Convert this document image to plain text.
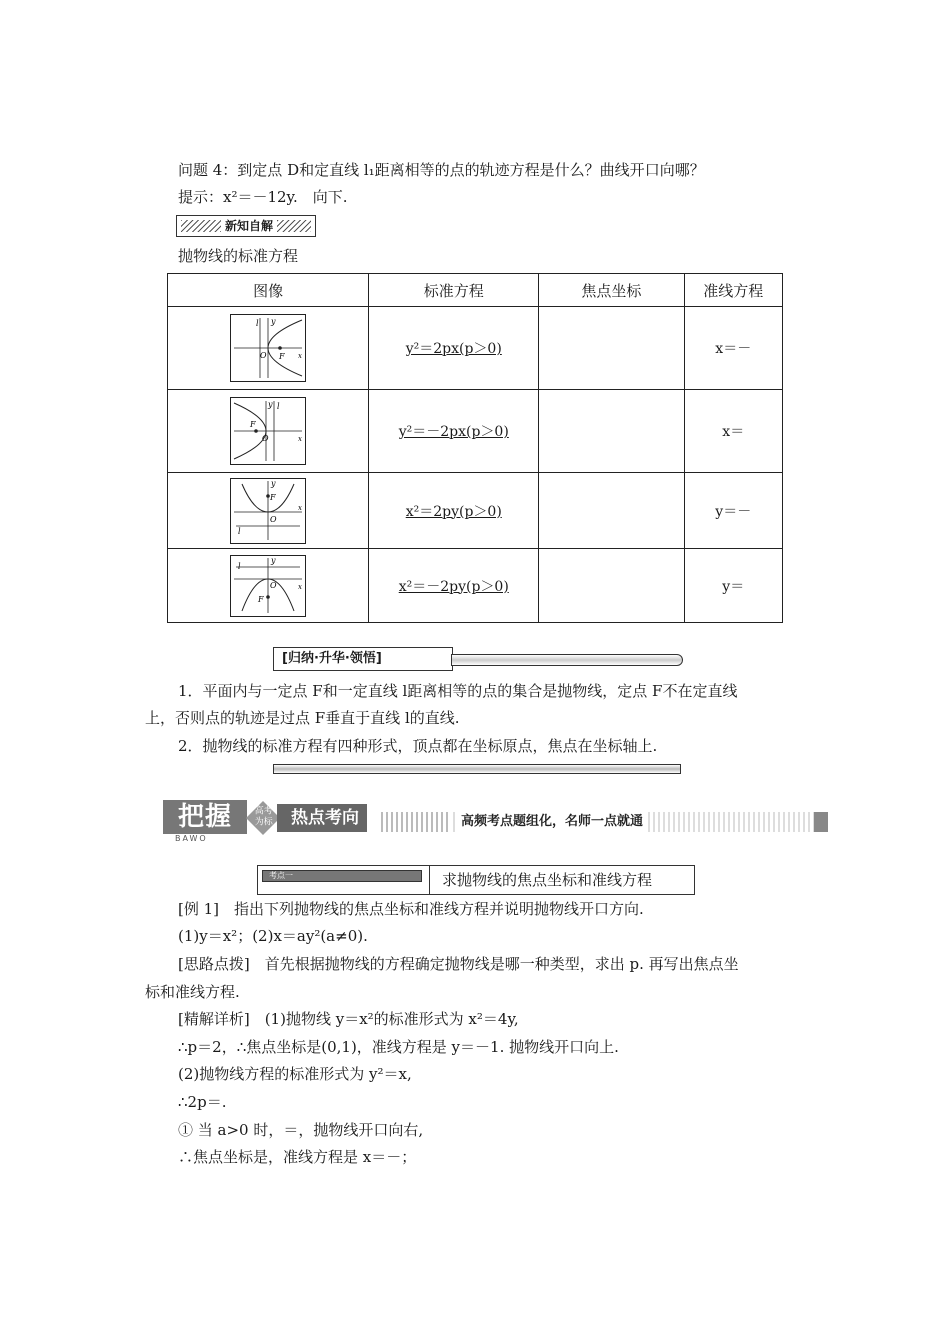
问题 4：到定点 D和定直线 l₁距离相等的点的轨迹方程是什么？曲线开口向哪？
提示：x²＝－12y.　向下.
新知自解
抛物线的标准方程
图像	标准方程	焦点坐标	准线方程

l y
O F x	y²＝2px(p＞0)		x＝－

y l
F
O x	y²＝－2px(p＞0)		x＝

y
F
O
l
x	x²＝2py(p＞0)		y＝－

y
l
O
F
x	x²＝－2py(p＞0)		y＝
[归纳·升华·领悟]
1．平面内与一定点 F和一定直线 l距离相等的点的集合是抛物线，定点 F不在定直线
上，否则点的轨迹是过点 F垂直于直线 l的直线.
2．抛物线的标准方程有四种形式，顶点都在坐标原点，焦点在坐标轴上.
把握
BAWO
高考为标	热点考向	高频考点题组化，名师一点就通
考点一	求抛物线的焦点坐标和准线方程
[例 1]　指出下列抛物线的焦点坐标和准线方程并说明抛物线开口方向.
(1)y＝x²；(2)x＝ay²(a≠0).
[思路点拨]　首先根据抛物线的方程确定抛物线是哪一种类型，求出 p. 再写出焦点坐
标和准线方程.
[精解详析]　(1)抛物线 y＝x²的标准形式为 x²＝4y,
∴p＝2，∴焦点坐标是(0,1)，准线方程是 y＝－1. 抛物线开口向上.
(2)抛物线方程的标准形式为 y²＝x,
∴2p＝.
① 当 a>0 时，＝，抛物线开口向右,
∴焦点坐标是，准线方程是 x＝－；
